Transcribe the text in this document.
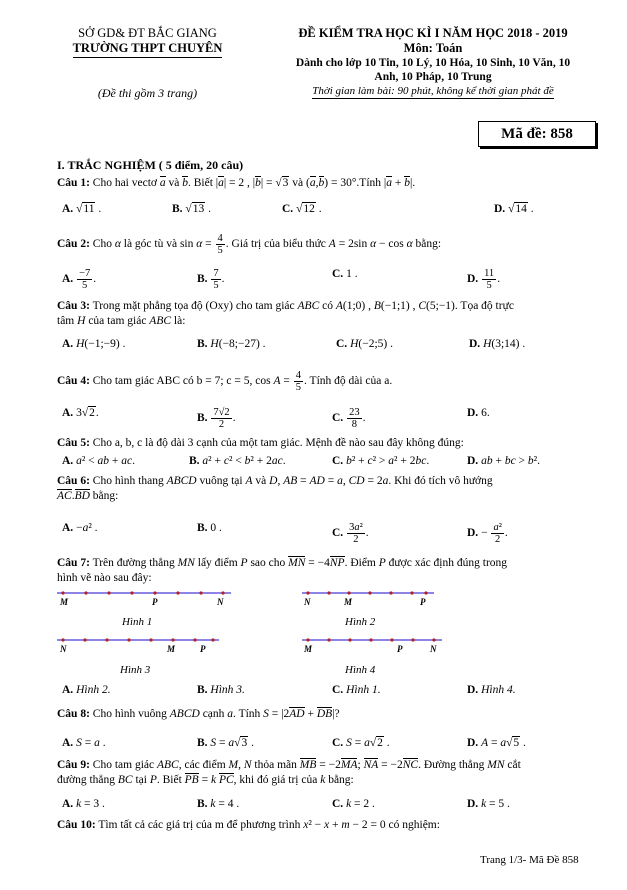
SỞ GD& ĐT BẮC GIANG
TRƯỜNG THPT CHUYÊN
(Đề thi gồm 3 trang)
ĐỀ KIỂM TRA HỌC KÌ I NĂM HỌC 2018 - 2019
Môn: Toán
Dành cho lớp 10 Tin, 10 Lý, 10 Hóa, 10 Sinh, 10 Văn, 10
Anh, 10 Pháp, 10 Trung
Thời gian làm bài: 90 phút, không kể thời gian phát đề
Mã đề: 858
I. TRẮC NGHIỆM ( 5 điểm, 20 câu)
Câu 1: Cho hai vectơ a và b. Biết |a| = 2 , |b| = √3 và (a,b) = 30°.Tính |a + b|.
A. √11 .	B. √13 .	C. √12 .	D. √14 .
Câu 2: Cho α là góc tù và $\sin \alpha = \frac{4}{5}$ . Giá trị của biểu thức A = 2sin α − cos α bằng:
A. $\frac{-7}{5}$ .	B. $\frac{7}{5}$ .	C. 1 .	D. $\frac{11}{5}$ .
Câu 3: Trong mặt phẳng tọa độ (Oxy) cho tam giác ABC có A(1;0) , B(−1;1) , C(5;−1). Tọa độ trực
tâm H của tam giác ABC là:
A. H(−1;−9) .	B. H(−8;−27) .	C. H(−2;5) .	D. H(3;14) .
Câu 4: Cho tam giác ABC có b = 7; c = 5, $\cos A = \frac{4}{5}$ . Tính độ dài của a.
A. 3√2.	B. $\frac{7√2}{2}$ .	C. $\frac{23}{8}$ .	D. 6.
Câu 5: Cho a, b, c là độ dài 3 cạnh của một tam giác. Mệnh đề nào sau đây không đúng:
A. a² < ab + ac.	B. a² + c² < b² + 2ac.	C. b² + c² > a² + 2bc.	D. ab + bc > b².
Câu 6: Cho hình thang ABCD vuông tại A và D, AB = AD = a, CD = 2a. Khi đó tích vô hướng
AC.BD bằng:
A. −a² .	B. 0 .	C. $\frac{\text{3a²}}{2}$ .	D. − $\frac{\text{a²}}{2}$ .
Câu 7: Trên đường thẳng MN lấy điểm P sao cho MN = −4NP. Điểm P được xác định đúng trong
hình vẽ nào sau đây:
M	P	N
Hình 1
N	M	P
Hình 2
N	M	P
Hình 3
M	P	N
Hình 4
A. Hình 2.	B. Hình 3.	C. Hình 1.	D. Hình 4.
Câu 8: Cho hình vuông ABCD cạnh a. Tính S = |2AD + DB|?
A. S = a .	B. S = a√3 .	C. S = a√2 .	D. A = a√5 .
Câu 9: Cho tam giác ABC, các điểm M, N thỏa mãn MB = −2MA; NA = −2NC. Đường thẳng MN cắt
đường thẳng BC tại P. Biết PB = k PC, khi đó giá trị của k bằng:
A. k = 3 .	B. k = 4 .	C. k = 2 .	D. k = 5 .
Câu 10: Tìm tất cả các giá trị của m để phương trình x² − x + m − 2 = 0 có nghiệm:
Trang 1/3- Mã Đề 858
